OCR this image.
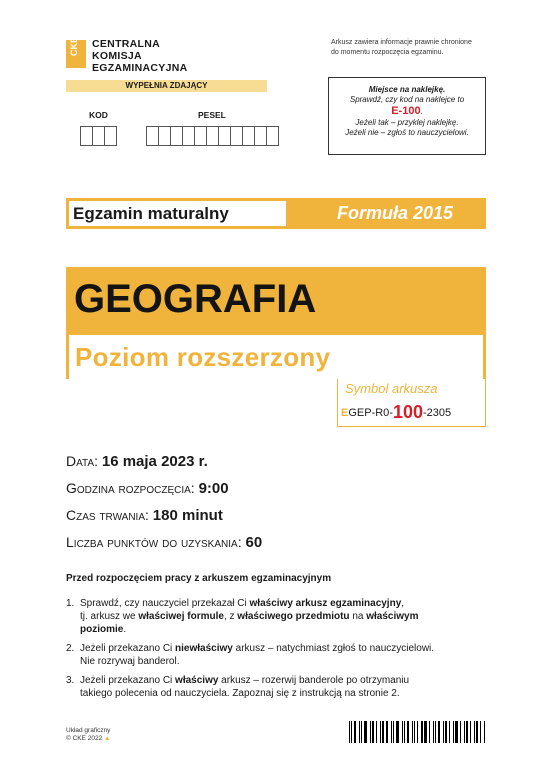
CKE CENTRALNA
KOMISJA
EGZAMINACYJNA
Arkusz zawiera informacje prawnie chronione
do momentu rozpoczęcia egzaminu.
WYPEŁNIA ZDAJĄCY
KOD	PESEL
Miejsce na naklejkę.
Sprawdź, czy kod na naklejce to
E-100.
Jeżeli tak – przyklej naklejkę.
Jeżeli nie – zgłoś to nauczycielowi.
Egzamin maturalny	Formuła 2015
GEOGRAFIA
Poziom rozszerzony
Symbol arkusza
EGEP-R0-100-2305
Data: 16 maja 2023 r.
Godzina rozpoczęcia: 9:00
Czas trwania: 180 minut
Liczba punktów do uzyskania: 60
Przed rozpoczęciem pracy z arkuszem egzaminacyjnym
1. Sprawdź, czy nauczyciel przekazał Ci właściwy arkusz egzaminacyjny,
tj. arkusz we właściwej formule, z właściwego przedmiotu na właściwym
poziomie.
2. Jeżeli przekazano Ci niewłaściwy arkusz – natychmiast zgłoś to nauczycielowi.
Nie rozrywaj banderol.
3. Jeżeli przekazano Ci właściwy arkusz – rozerwij banderole po otrzymaniu
takiego polecenia od nauczyciela. Zapoznaj się z instrukcją na stronie 2.
Układ graficzny
© CKE 2022 ▲
